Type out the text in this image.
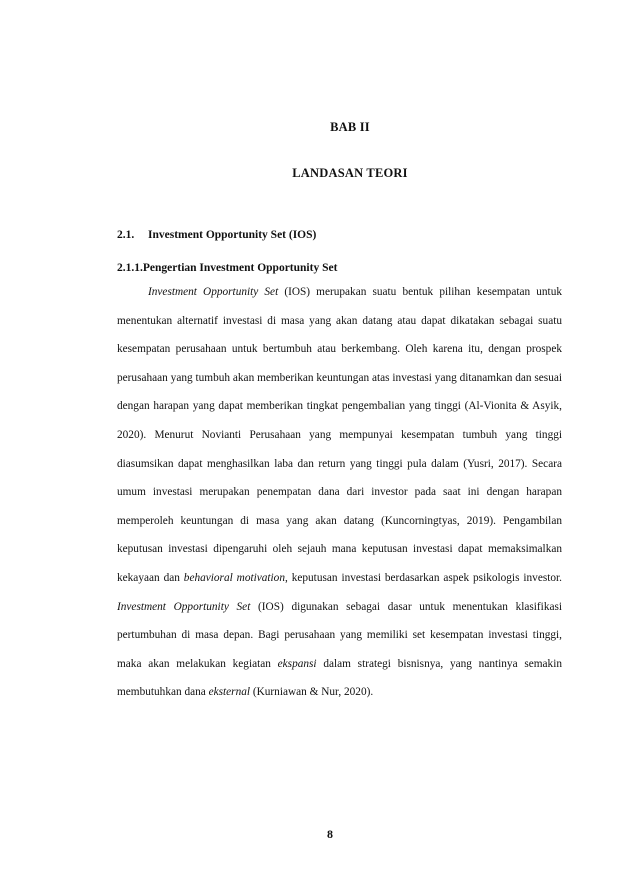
BAB II
LANDASAN TEORI
2.1. Investment Opportunity Set (IOS)
2.1.1.Pengertian Investment Opportunity Set

Investment Opportunity Set (IOS) merupakan suatu bentuk pilihan kesempatan untuk menentukan alternatif investasi di masa yang akan datang atau dapat dikatakan sebagai suatu kesempatan perusahaan untuk bertumbuh atau berkembang. Oleh karena itu, dengan prospek perusahaan yang tumbuh akan memberikan keuntungan atas investasi yang ditanamkan dan sesuai dengan harapan yang dapat memberikan tingkat pengembalian yang tinggi (Al-Vionita & Asyik, 2020). Menurut Novianti Perusahaan yang mempunyai kesempatan tumbuh yang tinggi diasumsikan dapat menghasilkan laba dan return yang tinggi pula dalam (Yusri, 2017). Secara umum investasi merupakan penempatan dana dari investor pada saat ini dengan harapan memperoleh keuntungan di masa yang akan datang (Kuncorningtyas, 2019). Pengambilan keputusan investasi dipengaruhi oleh sejauh mana keputusan investasi dapat memaksimalkan kekayaan dan behavioral motivation, keputusan investasi berdasarkan aspek psikologis investor. Investment Opportunity Set (IOS) digunakan sebagai dasar untuk menentukan klasifikasi pertumbuhan di masa depan. Bagi perusahaan yang memiliki set kesempatan investasi tinggi, maka akan melakukan kegiatan ekspansi dalam strategi bisnisnya, yang nantinya semakin membutuhkan dana eksternal (Kurniawan & Nur, 2020).

8
